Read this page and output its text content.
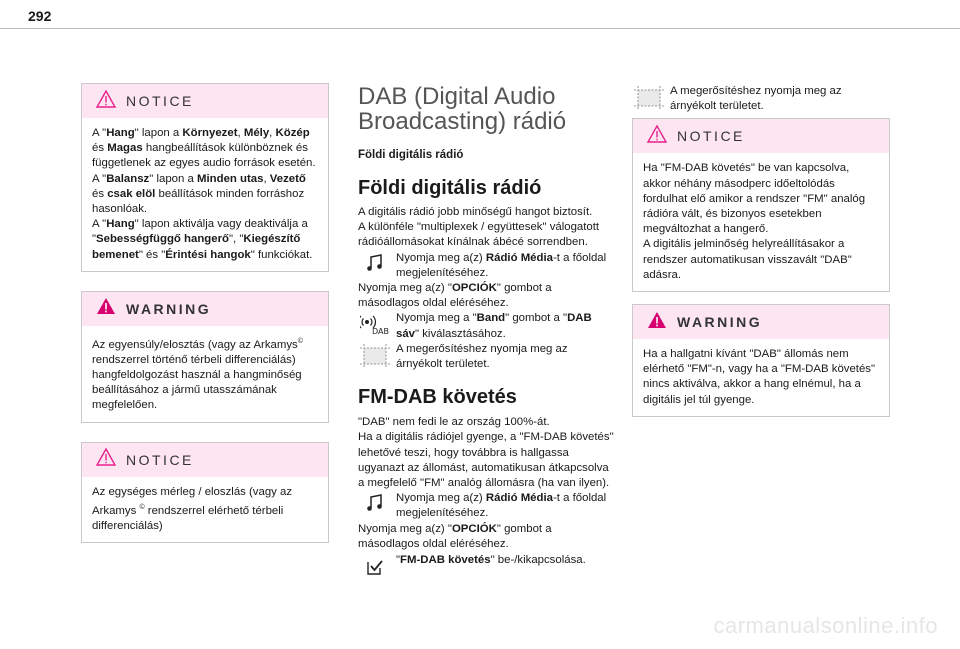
292
NOTICE

A "Hang" lapon a Környezet, Mély, Közép és Magas hangbeállítások különböznek és függetlenek az egyes audio források esetén.

A "Balansz" lapon a Minden utas, Vezető és csak elöl beállítások minden forráshoz hasonlóak.

A "Hang" lapon aktiválja vagy deaktiválja a "Sebességfüggő hangerő", "Kiegészítő bemenet" és "Érintési hangok" funkciókat.

WARNING

Az egyensúly/elosztás (vagy az Arkamys© rendszerrel történő térbeli differenciálás) hangfeldolgozást használ a hangminőség beállításához a jármű utasszámának megfelelően.

NOTICE

Az egységes mérleg / eloszlás (vagy az Arkamys © rendszerrel elérhető térbeli differenciálás)

DAB (Digital Audio Broadcasting) rádió
Földi digitális rádió
Földi digitális rádió
A digitális rádió jobb minőségű hangot biztosít.
A különféle "multiplexek / együttesek" válogatott rádióállomásokat kínálnak ábécé sorrendben.
Nyomja meg a(z) Rádió Média-t a főoldal megjelenítéséhez.
Nyomja meg a(z) "OPCIÓK" gombot a másodlagos oldal eléréséhez.
DAB
Nyomja meg a "Band" gombot a "DAB sáv" kiválasztásához.
A megerősítéshez nyomja meg az árnyékolt területet.
FM-DAB követés
"DAB" nem fedi le az ország 100%-át.
Ha a digitális rádiójel gyenge, a "FM-DAB követés" lehetővé teszi, hogy továbbra is hallgassa ugyanazt az állomást, automatikusan átkapcsolva a megfelelő "FM" analóg állomásra (ha van ilyen).
Nyomja meg a(z) Rádió Média-t a főoldal megjelenítéséhez.
Nyomja meg a(z) "OPCIÓK" gombot a másodlagos oldal eléréséhez.
"FM-DAB követés" be-/kikapcsolása.
A megerősítéshez nyomja meg az árnyékolt területet.
NOTICE

Ha "FM-DAB követés" be van kapcsolva, akkor néhány másodperc időeltolódás fordulhat elő amikor a rendszer "FM" analóg rádióra vált, és bizonyos esetekben megváltozhat a hangerő.

A digitális jelminőség helyreállításakor a rendszer automatikusan visszavált "DAB" adásra.

WARNING

Ha a hallgatni kívánt "DAB" állomás nem elérhető "FM"-n, vagy ha a "FM-DAB követés" nincs aktiválva, akkor a hang elnémul, ha a digitális jel túl gyenge.

carmanualsonline.info
